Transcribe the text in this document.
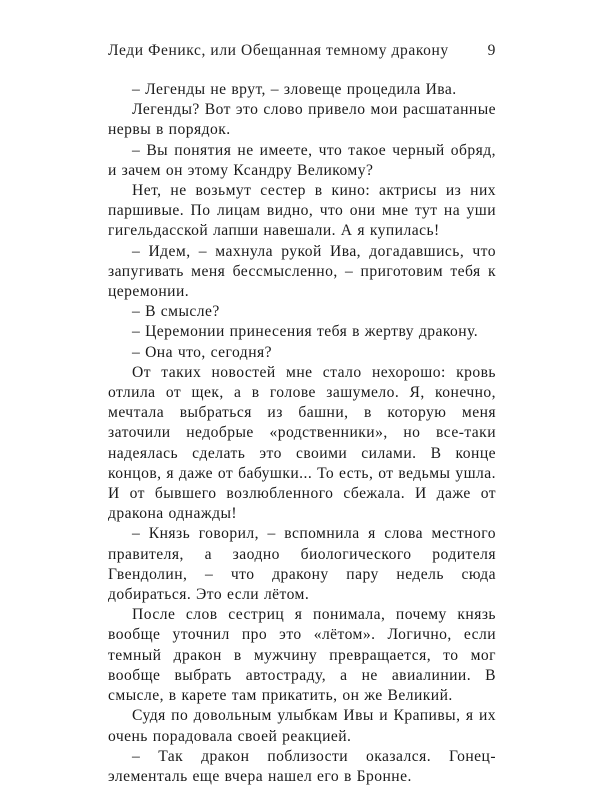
Леди Феникс, или Обещанная темному дракону	9

– Легенды не врут, – зловеще процедила Ива.

Легенды? Вот это слово привело мои расшатанные нервы в порядок.

– Вы понятия не имеете, что такое черный обряд, и зачем он этому Ксандру Великому?

Нет, не возьмут сестер в кино: актрисы из них паршивые. По лицам видно, что они мне тут на уши гигельдасской лапши навешали. А я купилась!

– Идем, – махнула рукой Ива, догадавшись, что запугивать меня бессмысленно, – приготовим тебя к церемонии.

– В смысле?

– Церемонии принесения тебя в жертву дракону.

– Она что, сегодня?

От таких новостей мне стало нехорошо: кровь отлила от щек, а в голове зашумело. Я, конечно, мечтала выбраться из башни, в которую меня заточили недобрые «родственники», но все-таки надеялась сделать это своими силами. В конце концов, я даже от бабушки... То есть, от ведьмы ушла. И от бывшего возлюбленного сбежала. И даже от дракона однажды!

– Князь говорил, – вспомнила я слова местного правителя, а заодно биологического родителя Гвендолин, – что дракону пару недель сюда добираться. Это если лётом.

После слов сестриц я понимала, почему князь вообще уточнил про это «лётом». Логично, если темный дракон в мужчину превращается, то мог вообще выбрать автостраду, а не авиалинии. В смысле, в карете там прикатить, он же Великий.

Судя по довольным улыбкам Ивы и Крапивы, я их очень порадовала своей реакцией.

– Так дракон поблизости оказался. Гонец-элементаль еще вчера нашел его в Бронне.
